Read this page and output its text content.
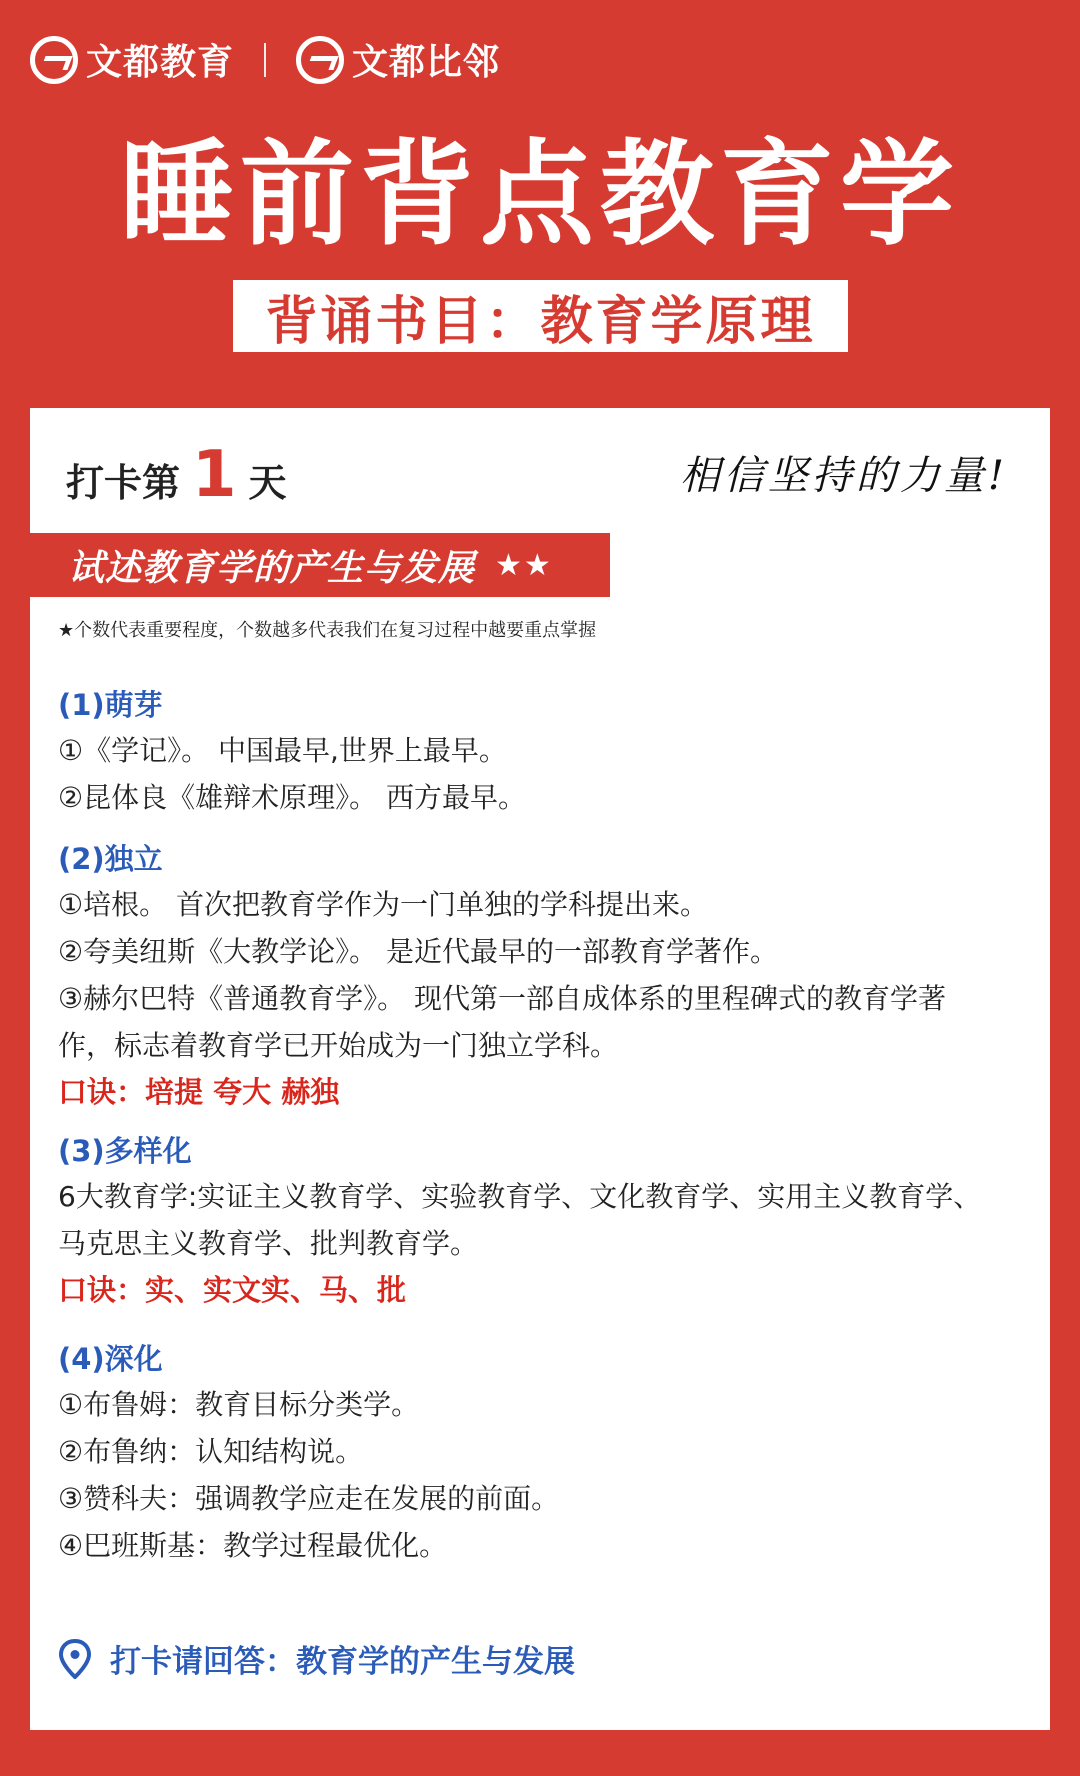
文都教育	文都比邻
睡前背点教育学
背诵书目：教育学原理
打卡第 1 天	相信坚持的力量!
试述教育学的产生与发展 ★★
★个数代表重要程度，个数越多代表我们在复习过程中越要重点掌握
(1)萌芽
①《学记》。 中国最早,世界上最早。
②昆体良《雄辩术原理》。 西方最早。
(2)独立
①培根。 首次把教育学作为一门单独的学科提出来。
②夸美纽斯《大教学论》。 是近代最早的一部教育学著作。
③赫尔巴特《普通教育学》。 现代第一部自成体系的里程碑式的教育学著
作，标志着教育学已开始成为一门独立学科。
口诀：培提 夸大 赫独
(3)多样化
6大教育学:实证主义教育学、实验教育学、文化教育学、实用主义教育学、
马克思主义教育学、批判教育学。
口诀：实、实文实、马、批
(4)深化
①布鲁姆：教育目标分类学。
②布鲁纳：认知结构说。
③赞科夫：强调教学应走在发展的前面。
④巴班斯基：教学过程最优化。
打卡请回答：教育学的产生与发展
